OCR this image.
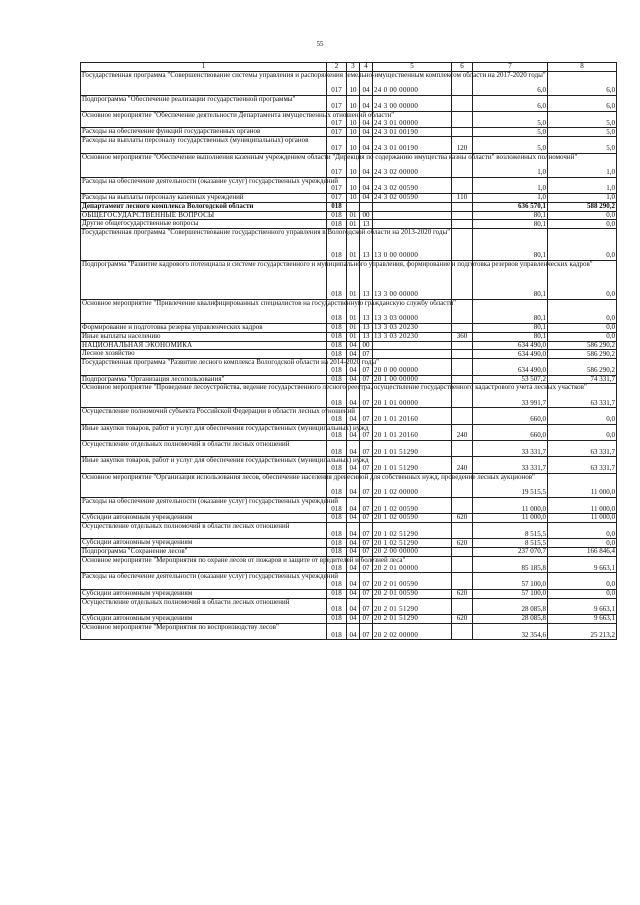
55
1	2	3	4	5	6	7	8
Государственная программа "Совершенствование системы управления и распоряжения земельно-имущественным комплексом области на 2017-2020 годы"	017	10	04	24 0 00 00000		6,0	6,0
Подпрограмма "Обеспечение реализации государственной программы"	017	10	04	24 3 00 00000		6,0	6,0
Основное мероприятие "Обеспечение деятельности Департамента имущественных отношений области"	017	10	04	24 3 01 00000		5,0	5,0
Расходы на обеспечение функций государственных органов	017	10	04	24 3 01 00190		5,0	5,0
Расходы на выплаты персоналу государственных (муниципальных) органов	017	10	04	24 3 01 00190	120	5,0	5,0
Основное мероприятие "Обеспечение выполнения казенным учреждением области "Дирекция по содержанию имущества казны области" возложенных полномочий"	017	10	04	24 3 02 00000		1,0	1,0
Расходы на обеспечение деятельности (оказание услуг) государственных учреждений	017	10	04	24 3 02 00590		1,0	1,0
Расходы на выплаты персоналу казенных учреждений	017	10	04	24 3 02 00590	110	1,0	1,0
Департамент лесного комплекса Вологодской области	018					636 570,1	588 290,2
ОБЩЕГОСУДАРСТВЕННЫЕ ВОПРОСЫ	018	01	00			80,1	0,0
Другие общегосударственные вопросы	018	01	13			80,1	0,0
Государственная программа "Совершенствование государственного управления в Вологодской области на 2013-2020 годы"	018	01	13	13 0 00 00000		80,1	0,0
Подпрограмма "Развитие кадрового потенциала в системе государственного и муниципального управления, формирование и подготовка резервов управленческих кадров"	018	01	13	13 3 00 00000		80,1	0,0
Основное мероприятие "Привлечение квалифицированных специалистов на государственную гражданскую службу области"	018	01	13	13 3 03 00000		80,1	0,0
Формирование и подготовка резерва управленческих кадров	018	01	13	13 3 03 20230		80,1	0,0
Иные выплаты населению	018	01	13	13 3 03 20230	360	80,1	0,0
НАЦИОНАЛЬНАЯ ЭКОНОМИКА	018	04	00			634 490,0	586 290,2
Лесное хозяйство	018	04	07			634 490,0	586 290,2
Государственная программа "Развитие лесного комплекса Вологодской области на 2014-2020 годы"	018	04	07	20 0 00 00000		634 490,0	586 290,2
Подпрограмма "Организация лесопользования"	018	04	07	20 1 00 00000		53 507,2	74 331,7
Основное мероприятие "Проведение лесоустройства, ведение государственного лесного реестра, осуществление государственного кадастрового учета лесных участков"	018	04	07	20 1 01 00000		33 991,7	63 331,7
Осуществление полномочий субъекта Российской Федерации в области лесных отношений	018	04	07	20 1 01 20160		660,0	0,0
Иные закупки товаров, работ и услуг для обеспечения государственных (муниципальных) нужд	018	04	07	20 1 01 20160	240	660,0	0,0
Осуществление отдельных полномочий в области лесных отношений	018	04	07	20 1 01 51290		33 331,7	63 331,7
Иные закупки товаров, работ и услуг для обеспечения государственных (муниципальных) нужд	018	04	07	20 1 01 51290	240	33 331,7	63 331,7
Основное мероприятие "Организация использования лесов, обеспечение населения древесиной для собственных нужд, проведение лесных аукционов"	018	04	07	20 1 02 00000		19 515,5	11 000,0
Расходы на обеспечение деятельности (оказание услуг) государственных учреждений	018	04	07	20 1 02 00590		11 000,0	11 000,0
Субсидии автономным учреждениям	018	04	07	20 1 02 00590	620	11 000,0	11 000,0
Осуществление отдельных полномочий в области лесных отношений	018	04	07	20 1 02 51290		8 515,5	0,0
Субсидии автономным учреждениям	018	04	07	20 1 02 51290	620	8 515,5	0,0
Подпрограмма "Сохранение лесов"	018	04	07	20 2 00 00000		237 070,7	166 846,4
Основное мероприятие "Мероприятия по охране лесов от пожаров и защите от вредителей и болезней леса"	018	04	07	20 2 01 00000		85 185,8	9 663,1
Расходы на обеспечение деятельности (оказание услуг) государственных учреждений	018	04	07	20 2 01 00590		57 100,0	0,0
Субсидии автономным учреждениям	018	04	07	20 2 01 00590	620	57 100,0	0,0
Осуществление отдельных полномочий в области лесных отношений	018	04	07	20 2 01 51290		28 085,8	9 663,1
Субсидии автономным учреждениям	018	04	07	20 2 01 51290	620	28 085,8	9 663,1
Основное мероприятие "Мероприятия по воспроизводству лесов"	018	04	07	20 2 02 00000		32 354,6	25 213,2
